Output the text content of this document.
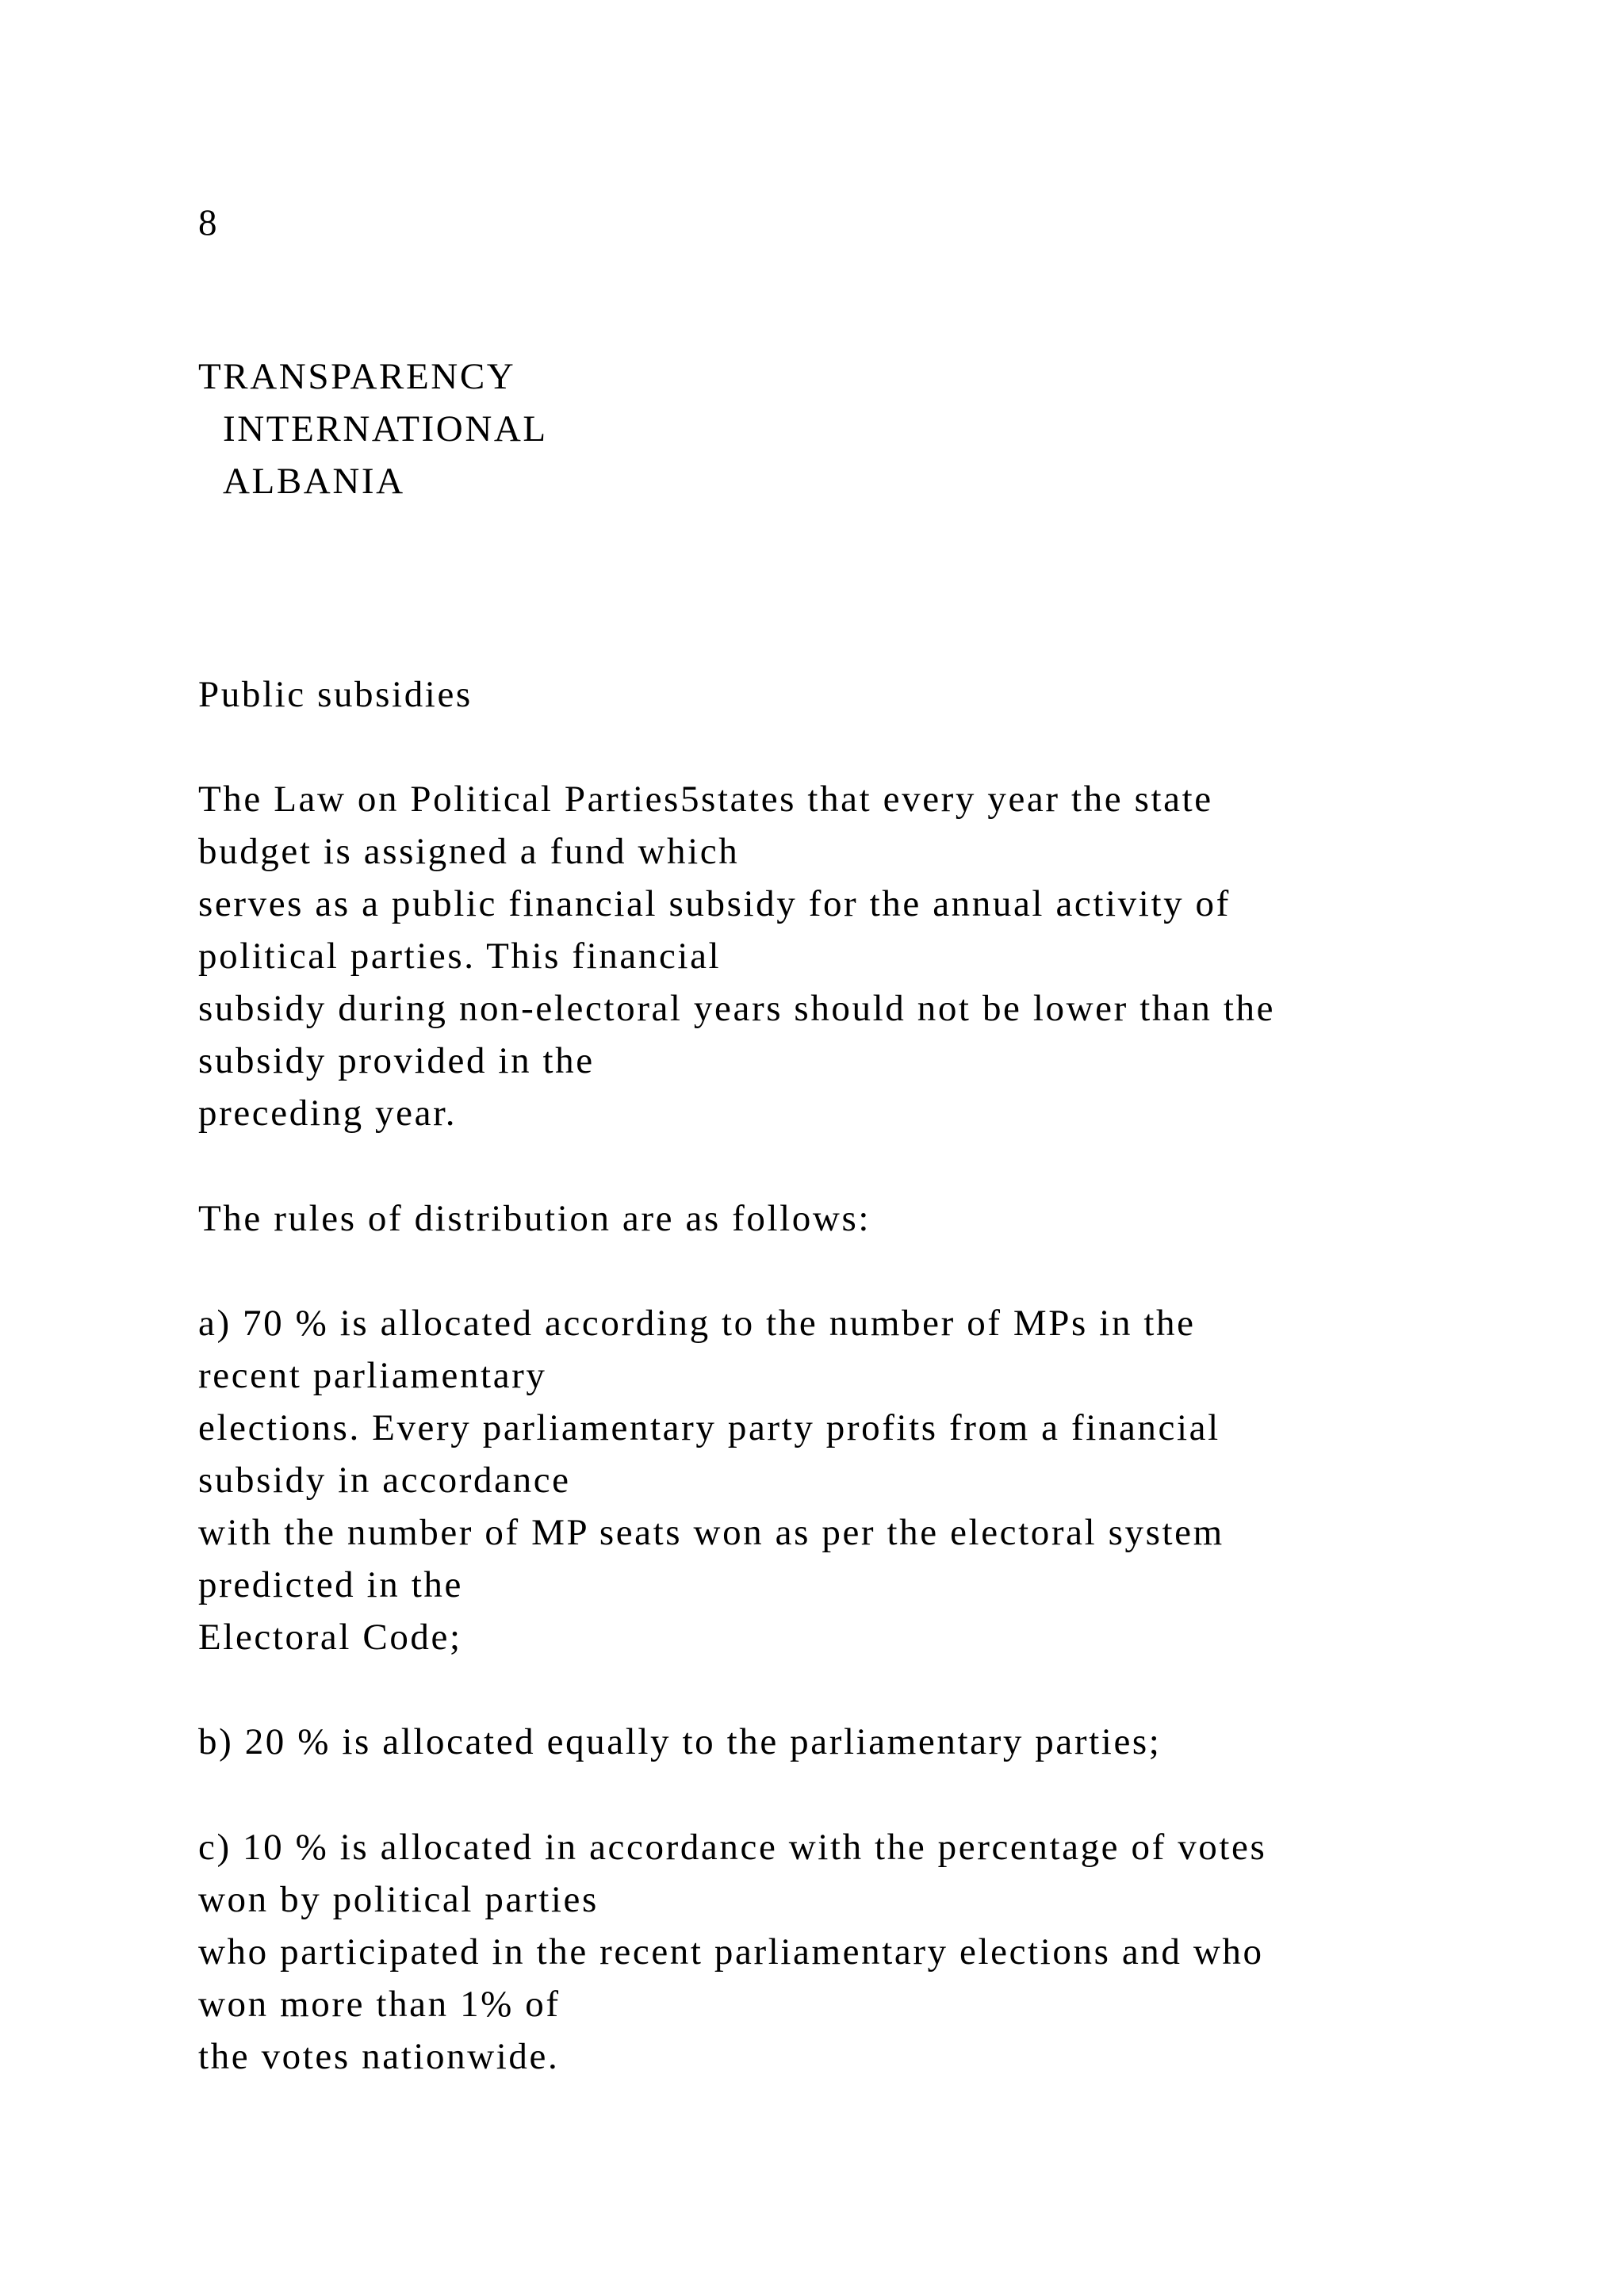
8
TRANSPARENCY
INTERNATIONAL
ALBANIA
Public subsidies
The Law on Political Parties5states that every year the state
budget is assigned a fund which
serves as a public financial subsidy for the annual activity of
political parties. This financial
subsidy during non-electoral years should not be lower than the
subsidy provided in the
preceding year.
The rules of distribution are as follows:
a) 70 % is allocated according to the number of MPs in the
recent parliamentary
elections. Every parliamentary party profits from a financial
subsidy in accordance
with the number of MP seats won as per the electoral system
predicted in the
Electoral Code;
b) 20 % is allocated equally to the parliamentary parties;
c) 10 % is allocated in accordance with the percentage of votes
won by political parties
who participated in the recent parliamentary elections and who
won more than 1% of
the votes nationwide.
